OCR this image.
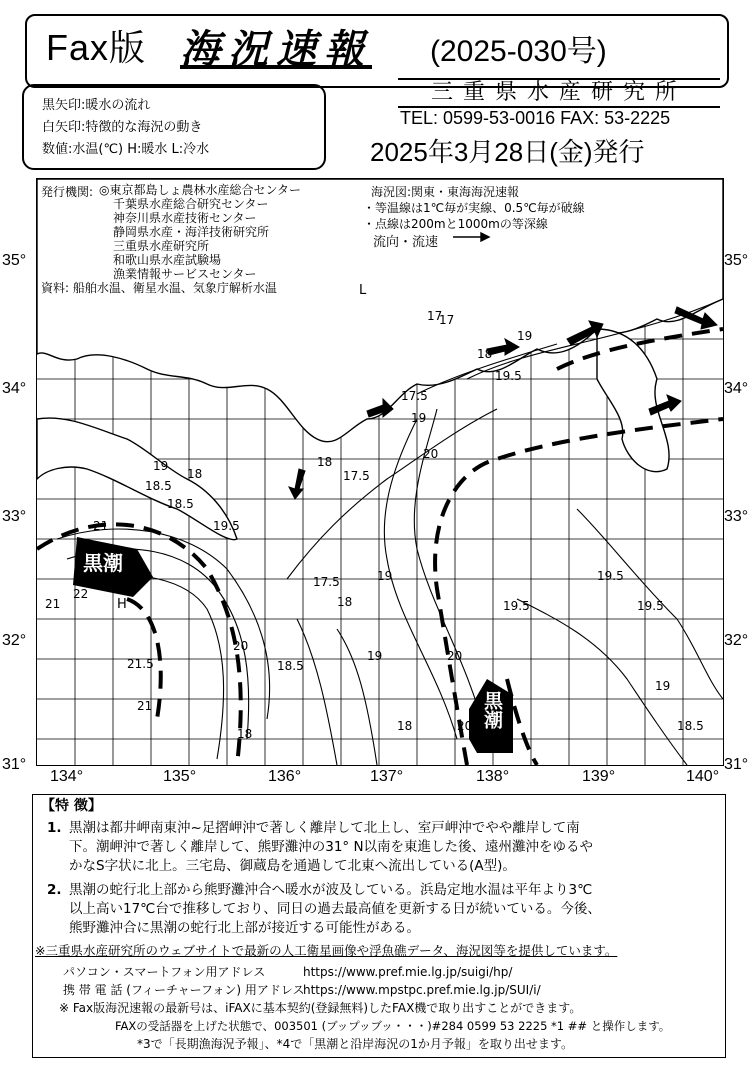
Fax版 海況速報 (2025-030号)
黒矢印:暖水の流れ
白矢印:特徴的な海況の動き
数値:水温(℃) H:暖水 L:冷水
三重県水産研究所
TEL: 0599-53-0016 FAX: 53-2225
2025年3月28日(金)発行
発行機関: ◎東京都島しょ農林水産総合センター
千葉県水産総合研究センター
神奈川県水産技術センター
静岡県水産・海洋技術研究所
三重県水産研究所
和歌山県水産試験場
漁業情報サービスセンター
資料: 船舶水温、衛星水温、気象庁解析水温
海況図:関東・東海海況速報
・等温線は1℃毎が実線、0.5℃毎が破線
・点線は200mと1000mの等深線
流向・流速
黒潮
黒潮
H
L
19
18.5
18
18.5
19.5
21
21.5
22
21
20
18
17.5
17
17.5
18
19
19.5
20
19.5
20
19
18.5
17.5
18
18
19	19.5
19.5
19
18.5
18
21.5
21
19
20
17
35°
34°
33°
32°
31°
35°
34°
33°
32°
31°
134°	135°	136°	137°	138°	139°	140°
【特 徴】
1. 黒潮は都井岬南東沖~足摺岬沖で著しく離岸して北上し、室戸岬沖でやや離岸して南
下。潮岬沖で著しく離岸して、熊野灘沖の31° N以南を東進した後、遠州灘沖をゆるや
かなS字状に北上。三宅島、御蔵島を通過して北東へ流出している(A型)。
2. 黒潮の蛇行北上部から熊野灘沖合へ暖水が波及している。浜島定地水温は平年より3℃
以上高い17℃台で推移しており、同日の過去最高値を更新する日が続いている。今後、
熊野灘沖合に黒潮の蛇行北上部が接近する可能性がある。
※三重県水産研究所のウェブサイトで最新の人工衛星画像や浮魚礁データ、海況図等を提供しています。
パソコン・スマートフォン用アドレス	https://www.pref.mie.lg.jp/suigi/hp/
携 帯 電 話 (フィーチャーフォン) 用アドレス
https://www.mpstpc.pref.mie.lg.jp/SUI/i/
※ Fax版海況速報の最新号は、iFAXに基本契約(登録無料)したFAX機で取り出すことができます。
FAXの受話器を上げた状態で、003501 (ブップッブッ・・・)#284 0599 53 2225 *1 ## と操作します。
*3で「長期漁海況予報」、*4で「黒潮と沿岸海況の1か月予報」を取り出せます。
